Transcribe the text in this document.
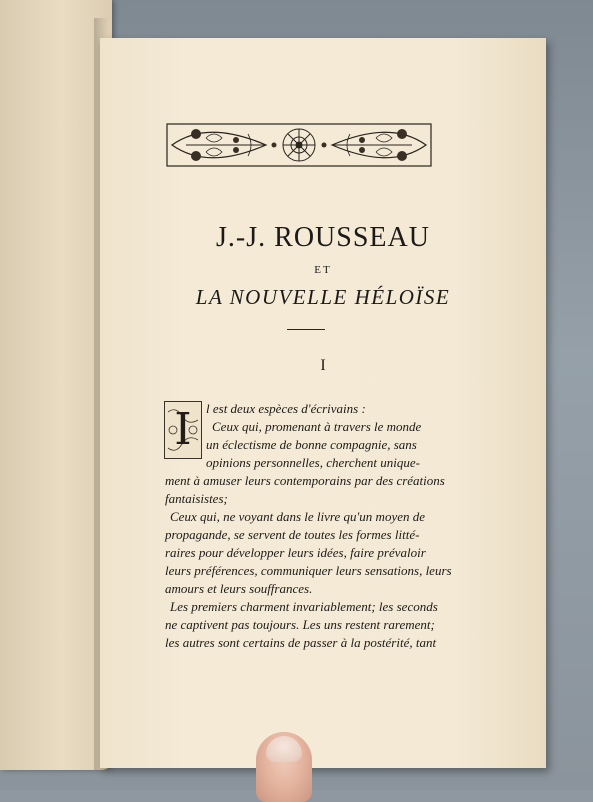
J.-J. ROUSSEAU
ET
LA NOUVELLE HÉLOÏSE
I
I l est deux espèces d'écrivains :
Ceux qui, promenant à travers le monde
un éclectisme de bonne compagnie, sans
opinions personnelles, cherchent unique-
ment à amuser leurs contemporains par des créations
fantaisistes;
Ceux qui, ne voyant dans le livre qu'un moyen de
propagande, se servent de toutes les formes litté-
raires pour développer leurs idées, faire prévaloir
leurs préférences, communiquer leurs sensations, leurs
amours et leurs souffrances.
Les premiers charment invariablement; les seconds
ne captivent pas toujours. Les uns restent rarement;
les autres sont certains de passer à la postérité, tant
